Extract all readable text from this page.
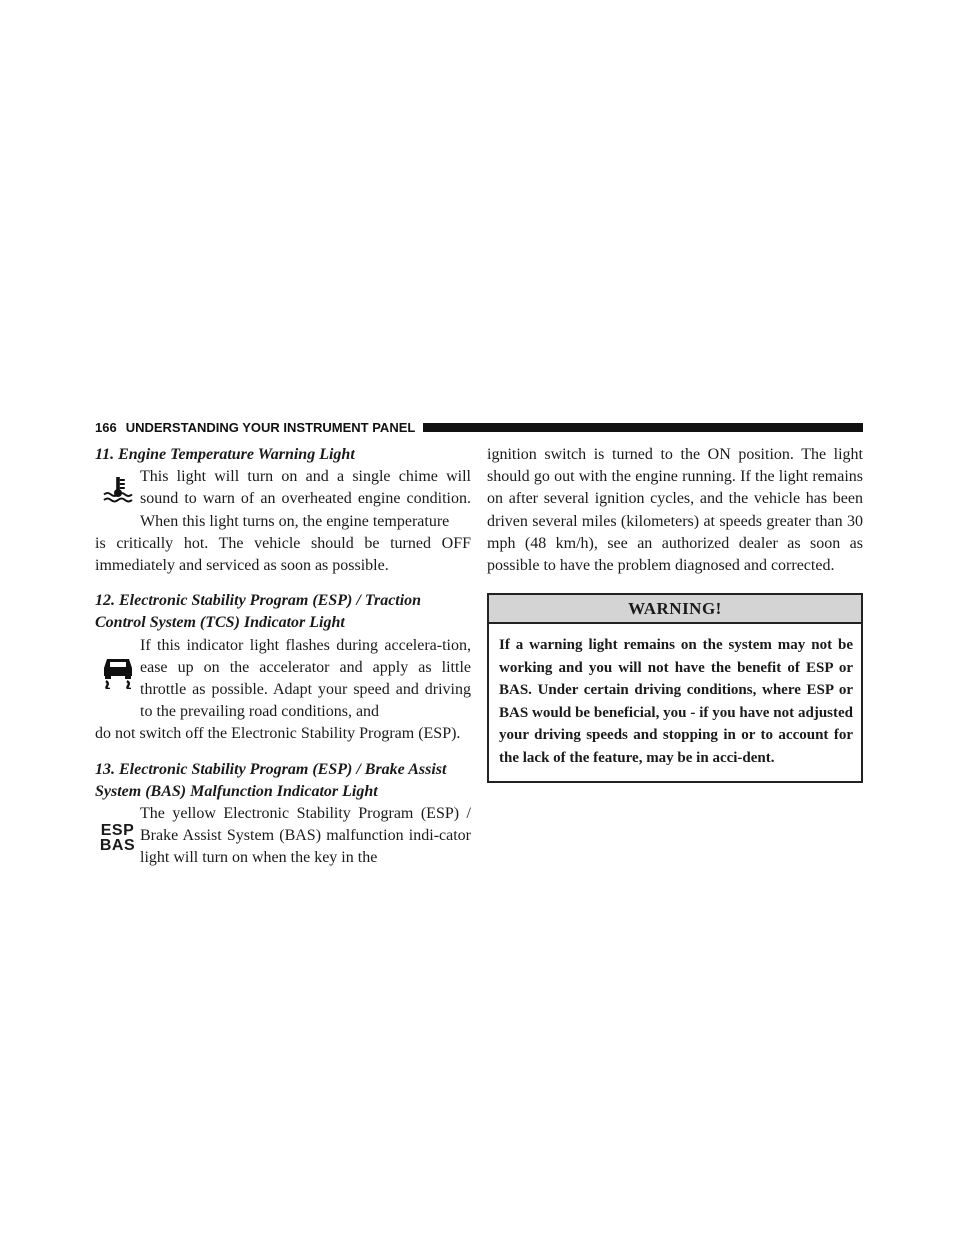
166 UNDERSTANDING YOUR INSTRUMENT PANEL

11. Engine Temperature Warning Light

This light will turn on and a single chime will sound to warn of an overheated engine condition. When this light turns on, the engine temperature

is critically hot. The vehicle should be turned OFF immediately and serviced as soon as possible.

12. Electronic Stability Program (ESP) / Traction Control System (TCS) Indicator Light

If this indicator light flashes during accelera-tion, ease up on the accelerator and apply as little throttle as possible. Adapt your speed and driving to the prevailing road conditions, and

do not switch off the Electronic Stability Program (ESP).

13. Electronic Stability Program (ESP) / Brake Assist System (BAS) Malfunction Indicator Light

ESP
BAS

The yellow Electronic Stability Program (ESP) / Brake Assist System (BAS) malfunction indi-cator light will turn on when the key in the

ignition switch is turned to the ON position. The light should go out with the engine running. If the light remains on after several ignition cycles, and the vehicle has been driven several miles (kilometers) at speeds greater than 30 mph (48 km/h), see an authorized dealer as soon as possible to have the problem diagnosed and corrected.

WARNING!
If a warning light remains on the system may not be working and you will not have the benefit of ESP or BAS. Under certain driving conditions, where ESP or BAS would be beneficial, you - if you have not adjusted your driving speeds and stopping in or to account for the lack of the feature, may be in acci-dent.
